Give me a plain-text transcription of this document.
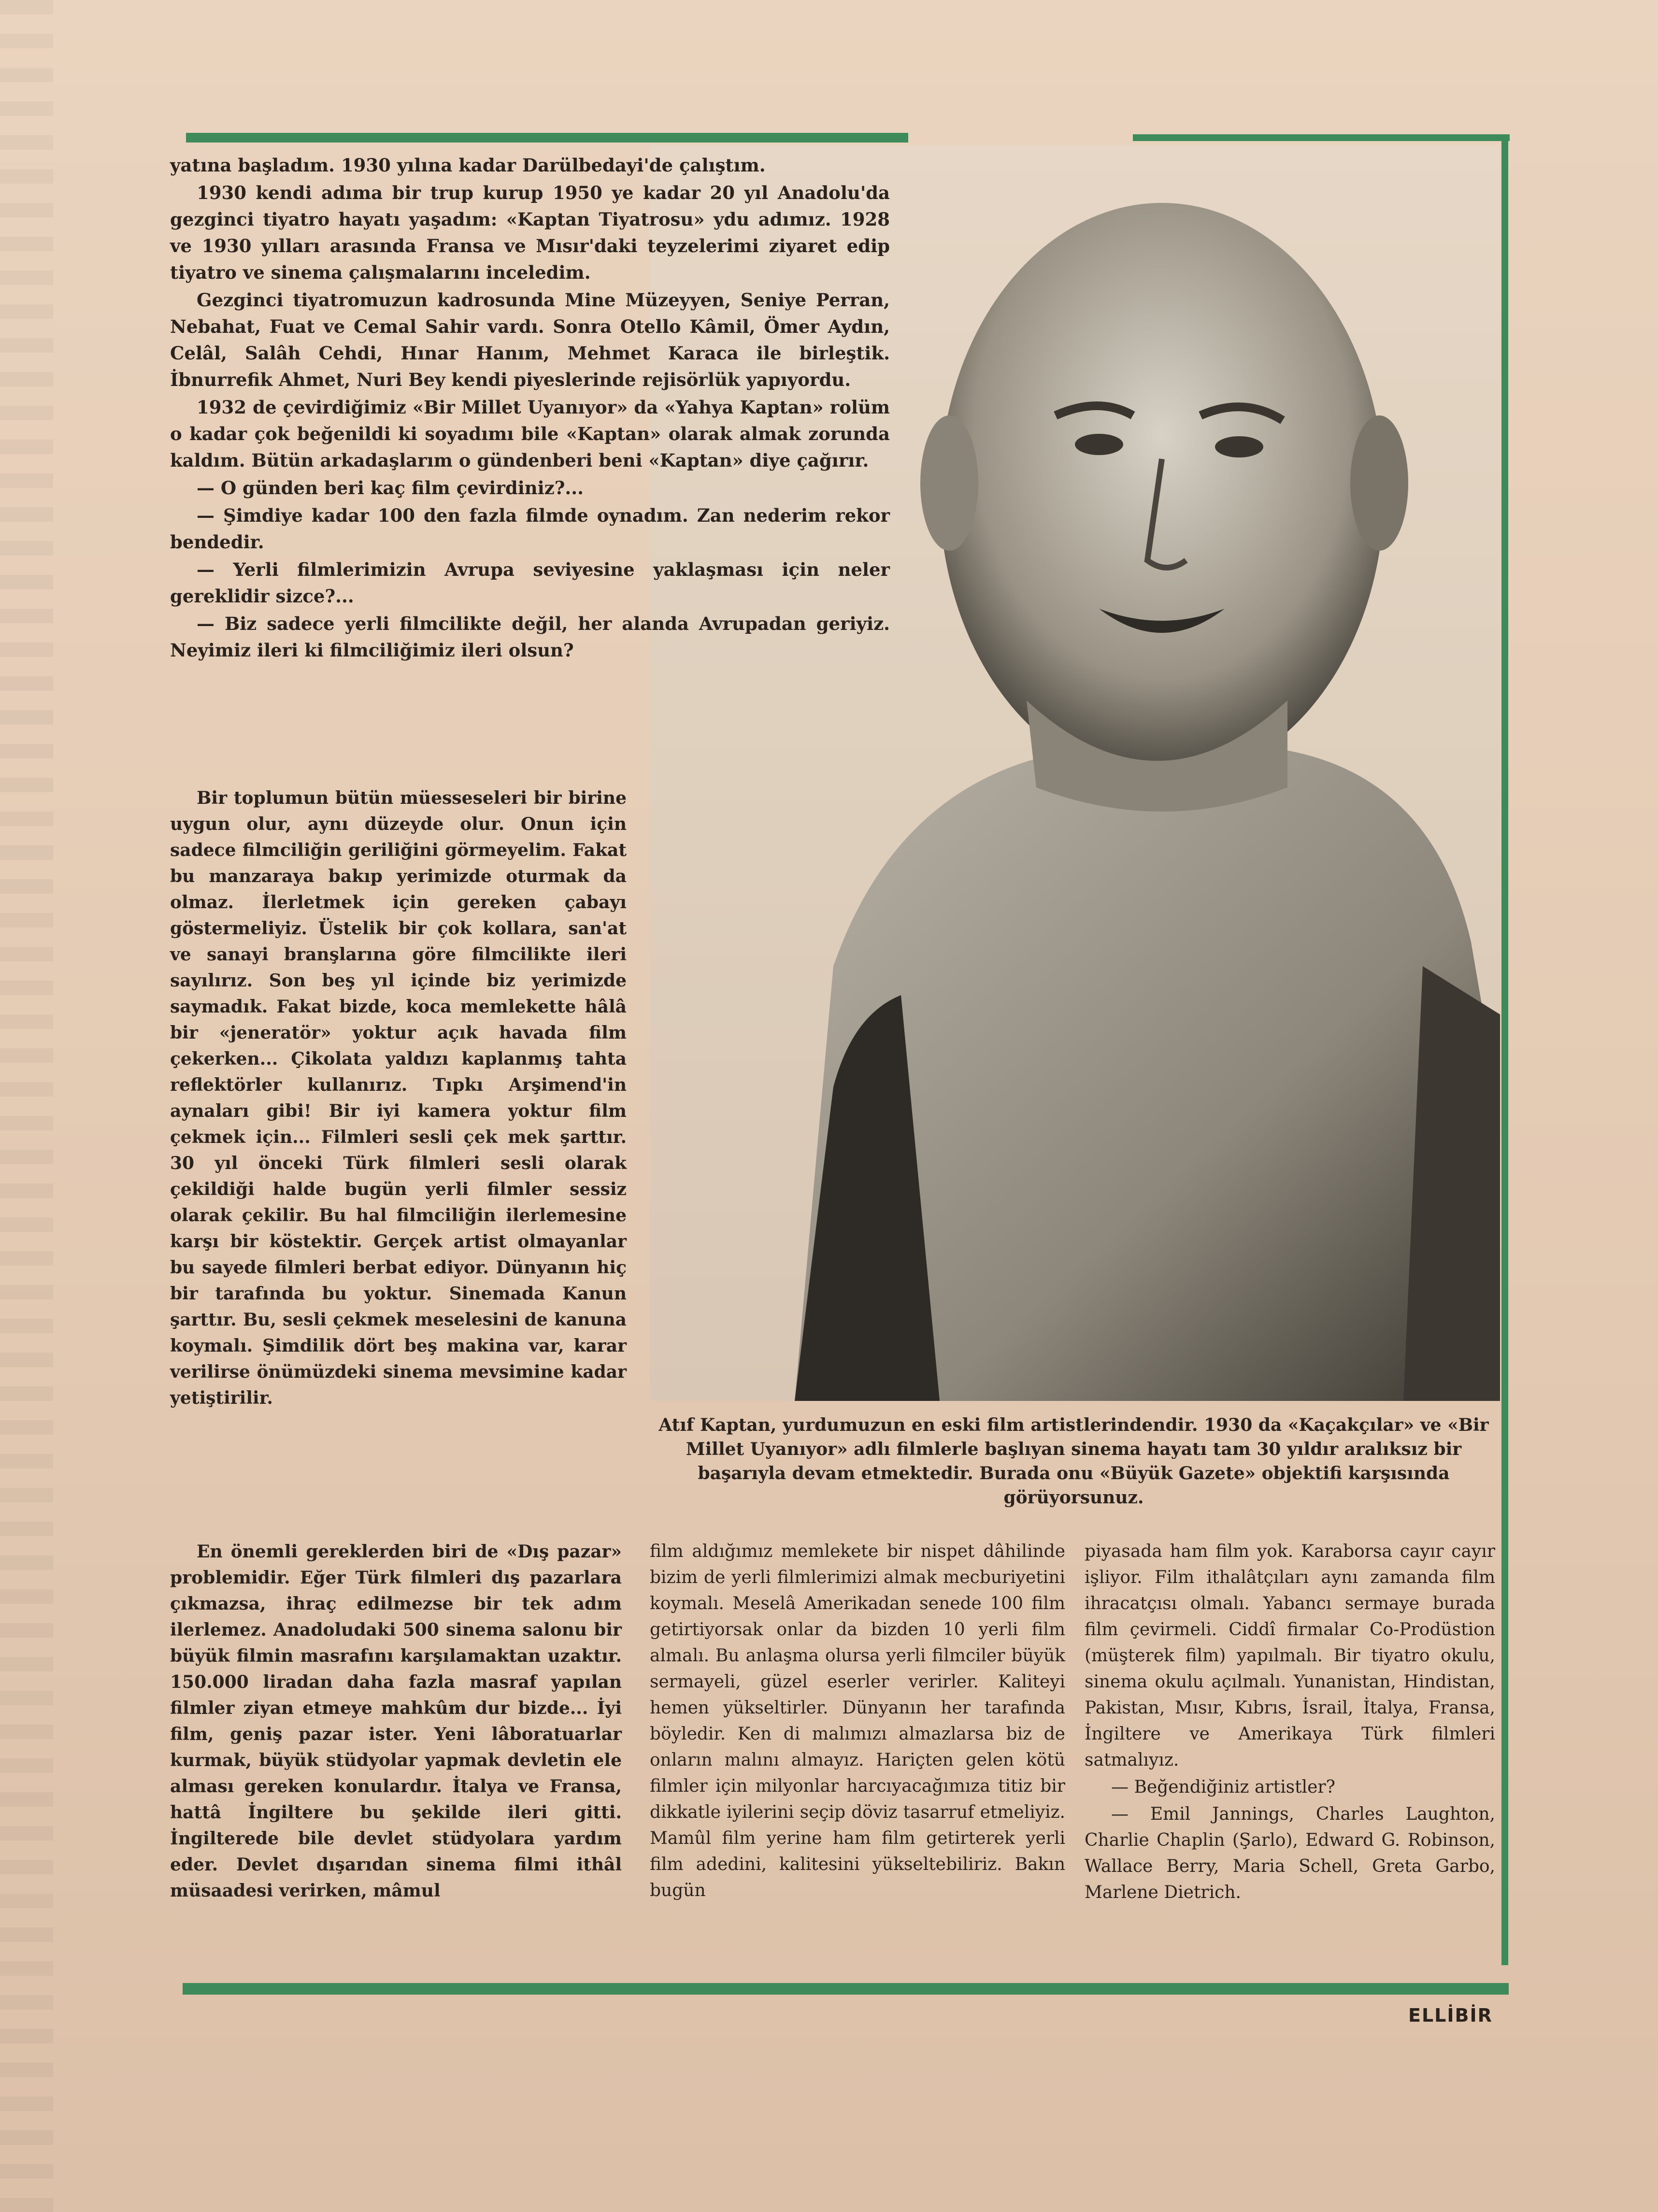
yatına başladım. 1930 yılına kadar Darülbedayi'de çalıştım.

1930 kendi adıma bir trup kurup 1950 ye kadar 20 yıl Anadolu'da gezginci tiyatro hayatı yaşadım: «Kaptan Tiyatrosu» ydu adımız. 1928 ve 1930 yılları arasında Fransa ve Mısır'daki teyzelerimi ziyaret edip tiyatro ve sinema çalışmalarını inceledim.

Gezginci tiyatromuzun kadrosunda Mine Müzeyyen, Seniye Perran, Nebahat, Fuat ve Cemal Sahir vardı. Sonra Otello Kâmil, Ömer Aydın, Celâl, Salâh Cehdi, Hınar Hanım, Mehmet Karaca ile birleştik. İbnurrefik Ahmet, Nuri Bey kendi piyeslerinde rejisörlük yapıyordu.

1932 de çevirdiğimiz «Bir Millet Uyanıyor» da «Yahya Kaptan» rolüm o kadar çok beğenildi ki soyadımı bile «Kaptan» olarak almak zorunda kaldım. Bütün arkadaşlarım o gündenberi beni «Kaptan» diye çağırır.

— O günden beri kaç film çevirdiniz?...

— Şimdiye kadar 100 den fazla filmde oynadım. Zan nederim rekor bendedir.

— Yerli filmlerimizin Avrupa seviyesine yaklaşması için neler gereklidir sizce?...

— Biz sadece yerli filmcilikte değil, her alanda Avrupadan geriyiz. Neyimiz ileri ki filmciliğimiz ileri olsun?

Bir toplumun bütün müesseseleri bir birine uygun olur, aynı düzeyde olur. Onun için sadece filmciliğin geriliğini görmeyelim. Fakat bu manzaraya bakıp yerimizde oturmak da olmaz. İlerletmek için gereken çabayı göstermeliyiz. Üstelik bir çok kollara, san'at ve sanayi branşlarına göre filmcilikte ileri sayılırız. Son beş yıl içinde biz yerimizde saymadık. Fakat bizde, koca memlekette hâlâ bir «jeneratör» yoktur açık havada film çekerken... Çikolata yaldızı kaplanmış tahta reflektörler kullanırız. Tıpkı Arşimend'in aynaları gibi! Bir iyi kamera yoktur film çekmek için... Filmleri sesli çek mek şarttır. 30 yıl önceki Türk filmleri sesli olarak çekildiği halde bugün yerli filmler sessiz olarak çekilir. Bu hal filmciliğin ilerlemesine karşı bir köstektir. Gerçek artist olmayanlar bu sayede filmleri berbat ediyor. Dünyanın hiç bir tarafında bu yoktur. Sinemada Kanun şarttır. Bu, sesli çekmek meselesini de kanuna koymalı. Şimdilik dört beş makina var, karar verilirse önümüzdeki sinema mevsimine kadar yetiştirilir.

Atıf Kaptan, yurdumuzun en eski film artistlerindendir. 1930 da «Kaçakçılar» ve «Bir Millet Uyanıyor» adlı filmlerle başlıyan sinema hayatı tam 30 yıldır aralıksız bir başarıyla devam etmektedir. Burada onu «Büyük Gazete» objektifi karşısında görüyorsunuz.

En önemli gereklerden biri de «Dış pazar» problemidir. Eğer Türk filmleri dış pazarlara çıkmazsa, ihraç edilmezse bir tek adım ilerlemez. Anadoludaki 500 sinema salonu bir büyük filmin masrafını karşılamaktan uzaktır. 150.000 liradan daha fazla masraf yapılan filmler ziyan etmeye mahkûm dur bizde... İyi film, geniş pazar ister. Yeni lâboratuarlar kurmak, büyük stüdyolar yapmak devletin ele alması gereken konulardır. İtalya ve Fransa, hattâ İngiltere bu şekilde ileri gitti. İngilterede bile devlet stüdyolara yardım eder. Devlet dışarıdan sinema filmi ithâl müsaadesi verirken, mâmul

film aldığımız memlekete bir nispet dâhilinde bizim de yerli filmlerimizi almak mecburiyetini koymalı. Meselâ Amerikadan senede 100 film getirtiyorsak onlar da bizden 10 yerli film almalı. Bu anlaşma olursa yerli filmciler büyük sermayeli, güzel eserler verirler. Kaliteyi hemen yükseltirler. Dünyanın her tarafında böyledir. Ken di malımızı almazlarsa biz de onların malını almayız. Hariçten gelen kötü filmler için milyonlar harcıyacağımıza titiz bir dikkatle iyilerini seçip döviz tasarruf etmeliyiz. Mamûl film yerine ham film getirterek yerli film adedini, kalitesini yükseltebiliriz. Bakın bugün

piyasada ham film yok. Karaborsa cayır cayır işliyor. Film ithalâtçıları aynı zamanda film ihracatçısı olmalı. Yabancı sermaye burada film çevirmeli. Ciddî firmalar Co-Prodüstion (müşterek film) yapılmalı. Bir tiyatro okulu, sinema okulu açılmalı. Yunanistan, Hindistan, Pakistan, Mısır, Kıbrıs, İsrail, İtalya, Fransa, İngiltere ve Amerikaya Türk filmleri satmalıyız.

— Beğendiğiniz artistler?

— Emil Jannings, Charles Laughton, Charlie Chaplin (Şarlo), Edward G. Robinson, Wallace Berry, Maria Schell, Greta Garbo, Marlene Dietrich.

ELLİBİR
